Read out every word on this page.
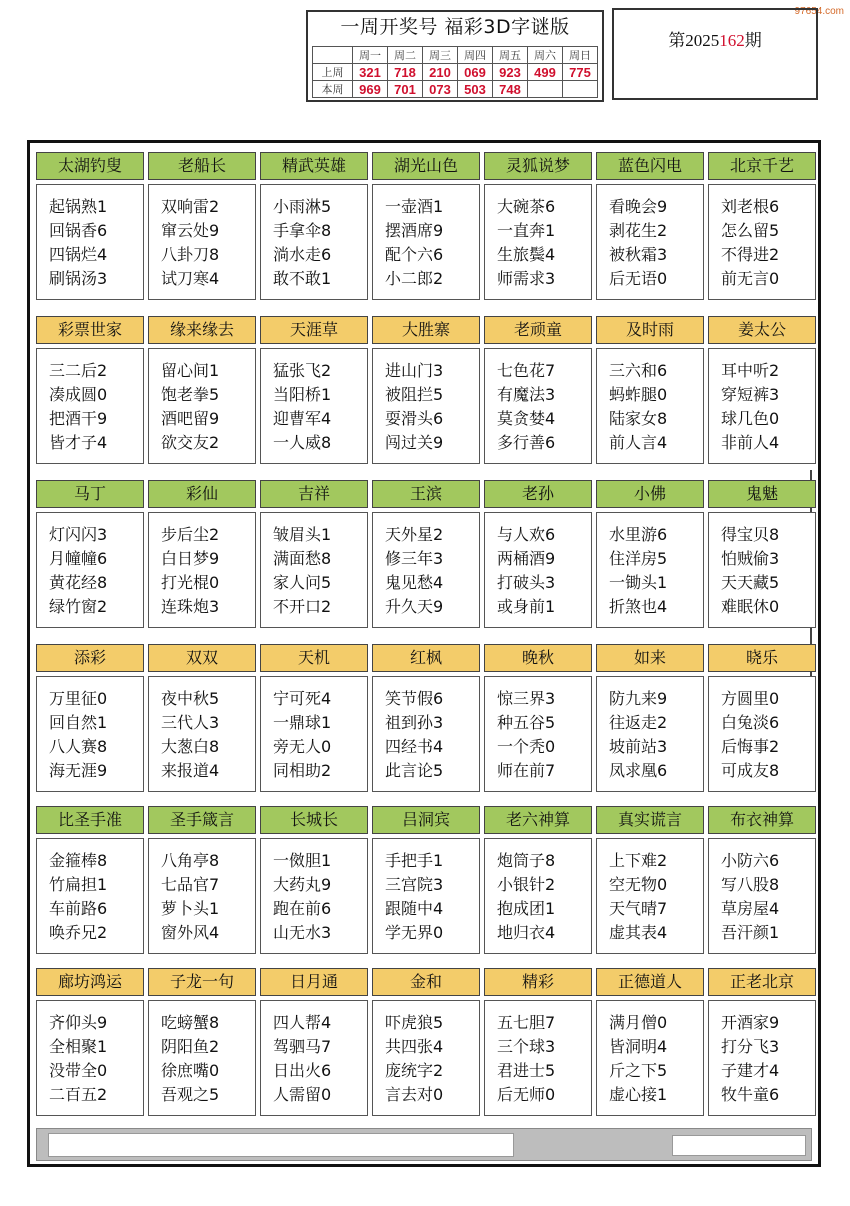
97654.com
一周开奖号 福彩3D字谜版
	周一	周二	周三	周四	周五	周六	周日
上周	321	718	210	069	923	499	775
本周	969	701	073	503	748		
第2025162期
太湖钓叟
起锅熟1
回锅香6
四锅烂4
刷锅汤3
老船长
双响雷2
窜云处9
八卦刀8
试刀寒4
精武英雄
小雨淋5
手拿伞8
淌水走6
敢不敢1
湖光山色
一壶酒1
摆酒席9
配个六6
小二郎2
灵狐说梦
大碗茶6
一直奔1
生旅鬓4
师需求3
蓝色闪电
看晚会9
剥花生2
被秋霜3
后无语0
北京千艺
刘老根6
怎么留5
不得进2
前无言0
彩票世家
三二后2
凑成圆0
把酒干9
皆才子4
缘来缘去
留心间1
饱老拳5
酒吧留9
欲交友2
天涯草
猛张飞2
当阳桥1
迎曹军4
一人威8
大胜寨
进山门3
被阻拦5
耍滑头6
闯过关9
老顽童
七色花7
有魔法3
莫贪婪4
多行善6
及时雨
三六和6
蚂蚱腿0
陆家女8
前人言4
姜太公
耳中听2
穿短裤3
球几色0
非前人4
马丁
灯闪闪3
月幢幢6
黄花经8
绿竹窗2
彩仙
步后尘2
白日梦9
打光棍0
连珠炮3
吉祥
皱眉头1
满面愁8
家人问5
不开口2
王滨
天外星2
修三年3
鬼见愁4
升久天9
老孙
与人欢6
两桶酒9
打破头3
或身前1
小佛
水里游6
住洋房5
一锄头1
折煞也4
鬼魅
得宝贝8
怕贼偷3
天天藏5
难眠休0
添彩
万里征0
回自然1
八人赛8
海无涯9
双双
夜中秋5
三代人3
大葱白8
来报道4
天机
宁可死4
一鼎球1
旁无人0
同相助2
红枫
笑节假6
祖到孙3
四经书4
此言论5
晚秋
惊三界3
种五谷5
一个秃0
师在前7
如来
防九来9
往返走2
坡前站3
凤求凰6
晓乐
方圆里0
白兔淡6
后悔事2
可成友8
比圣手准
金箍棒8
竹扁担1
车前路6
唤乔兄2
圣手箴言
八角亭8
七品官7
萝卜头1
窗外风4
长城长
一傚胆1
大药丸9
跑在前6
山无水3
吕洞宾
手把手1
三宫院3
跟随中4
学无界0
老六神算
炮筒子8
小银针2
抱成团1
地归衣4
真实谎言
上下难2
空无物0
天气晴7
虚其表4
布衣神算
小防六6
写八股8
草房屋4
吾汗颜1
廊坊鸿运
齐仰头9
全相聚1
没带全0
二百五2
子龙一句
吃螃蟹8
阴阳鱼2
徐庶嘴0
吾观之5
日月通
四人帮4
驾驷马7
日出火6
人需留0
金和
吓虎狼5
共四张4
庞统字2
言去对0
精彩
五七胆7
三个球3
君进士5
后无师0
正德道人
满月僧0
皆洞明4
斤之下5
虚心接1
正老北京
开酒家9
打分飞3
子建才4
牧牛童6
